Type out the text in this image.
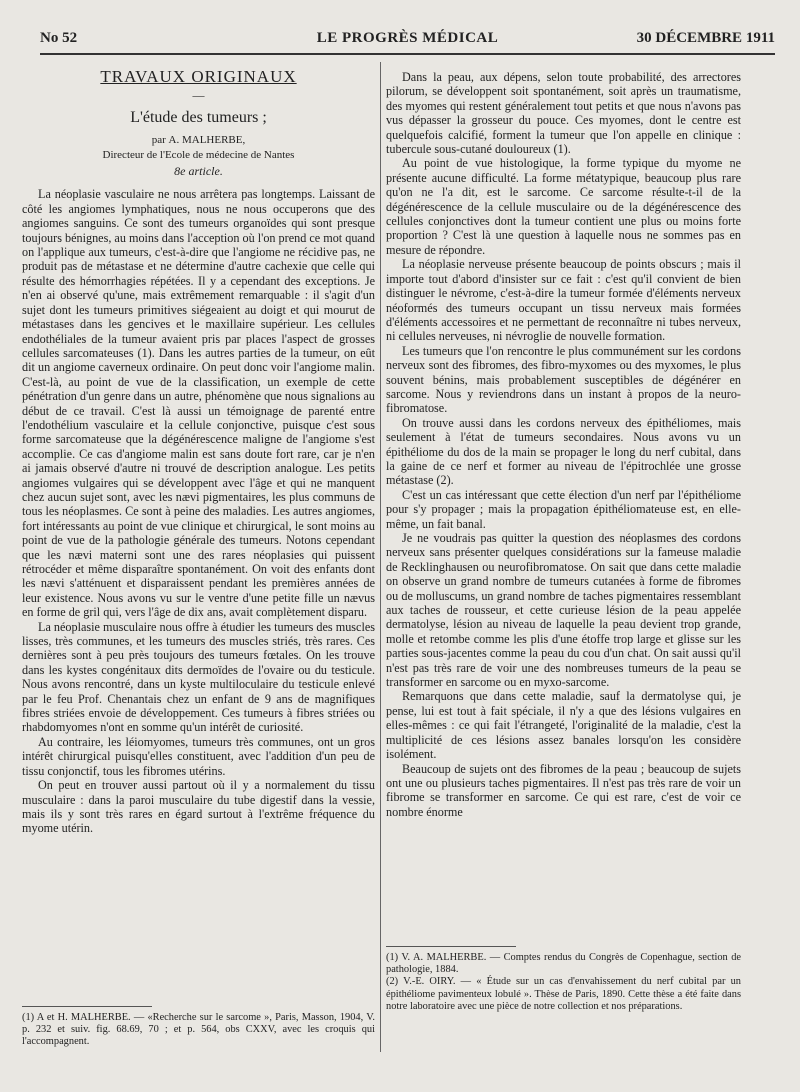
No 52	LE PROGRÈS MÉDICAL	30 DÉCEMBRE 1911
TRAVAUX ORIGINAUX
—
L'étude des tumeurs ;
par A. MALHERBE,
Directeur de l'Ecole de médecine de Nantes
8e article.

La néoplasie vasculaire ne nous arrêtera pas longtemps. Laissant de côté les angiomes lymphatiques, nous ne nous occuperons que des angiomes sanguins. Ce sont des tumeurs organoïdes qui sont presque toujours bénignes, au moins dans l'acception où l'on prend ce mot quand on l'applique aux tumeurs, c'est-à-dire que l'angiome ne récidive pas, ne produit pas de métastase et ne détermine d'autre cachexie que celle qui résulte des hémorrhagies répétées. Il y a cependant des exceptions. Je n'en ai observé qu'une, mais extrêmement remarquable : il s'agit d'un sujet dont les tumeurs primitives siégeaient au doigt et qui mourut de métastases dans les gencives et le maxillaire supérieur. Les cellules endothéliales de la tumeur avaient pris par places l'aspect de grosses cellules sarcomateuses (1). Dans les autres parties de la tumeur, on eût dit un angiome caverneux ordinaire. On peut donc voir l'angiome malin. C'est-là, au point de vue de la classification, un exemple de cette pénétration d'un genre dans un autre, phénomène que nous signalions au début de ce travail. C'est là aussi un témoignage de parenté entre l'endothélium vasculaire et la cellule conjonctive, puisque c'est sous forme sarcomateuse que la dégénérescence maligne de l'angiome s'est accomplie. Ce cas d'angiome malin est sans doute fort rare, car je n'en ai jamais observé d'autre ni trouvé de description analogue. Les petits angiomes vulgaires qui se développent avec l'âge et qui ne manquent chez aucun sujet sont, avec les nævi pigmentaires, les plus communs de tous les néoplasmes. Ce sont à peine des maladies. Les autres angiomes, fort intéressants au point de vue clinique et chirurgical, le sont moins au point de vue de la pathologie générale des tumeurs. Notons cependant que les nævi materni sont une des rares néoplasies qui puissent rétrocéder et même disparaître spontanément. On voit des enfants dont les nævi s'atténuent et disparaissent pendant les premières années de leur existence. Nous avons vu sur le ventre d'une petite fille un nævus en forme de gril qui, vers l'âge de dix ans, avait complètement disparu.

La néoplasie musculaire nous offre à étudier les tumeurs des muscles lisses, très communes, et les tumeurs des muscles striés, très rares. Ces dernières sont à peu près toujours des tumeurs fœtales. On les trouve dans les kystes congénitaux dits dermoïdes de l'ovaire ou du testicule. Nous avons rencontré, dans un kyste multiloculaire du testicule enlevé par le feu Prof. Chenantais chez un enfant de 9 ans de magnifiques fibres striées envoie de développement. Ces tumeurs à fibres striées ou rhabdomyomes n'ont en somme qu'un intérêt de curiosité.

Au contraire, les léiomyomes, tumeurs très communes, ont un gros intérêt chirurgical puisqu'elles constituent, avec l'addition d'un peu de tissu conjonctif, tous les fibromes utérins.

On peut en trouver aussi partout où il y a normalement du tissu musculaire : dans la paroi musculaire du tube digestif dans la vessie, mais ils y sont très rares en égard surtout à l'extrême fréquence du myome utérin.

(1) A et H. MALHERBE. — «Recherche sur le sarcome », Paris, Masson, 1904, V. p. 232 et suiv. fig. 68.69, 70 ; et p. 564, obs CXXV, avec les croquis qui l'accompagnent.

Dans la peau, aux dépens, selon toute probabilité, des arrectores pilorum, se développent soit spontanément, soit après un traumatisme, des myomes qui restent généralement tout petits et que nous n'avons pas vus dépasser la grosseur du pouce. Ces myomes, dont le centre est quelquefois calcifié, forment la tumeur que l'on appelle en clinique : tubercule sous-cutané douloureux (1).

Au point de vue histologique, la forme typique du myome ne présente aucune difficulté. La forme métatypique, beaucoup plus rare qu'on ne l'a dit, est le sarcome. Ce sarcome résulte-t-il de la dégénérescence de la cellule musculaire ou de la dégénérescence des cellules conjonctives dont la tumeur contient une plus ou moins forte proportion ? C'est là une question à laquelle nous ne sommes pas en mesure de répondre.

La néoplasie nerveuse présente beaucoup de points obscurs ; mais il importe tout d'abord d'insister sur ce fait : c'est qu'il convient de bien distinguer le névrome, c'est-à-dire la tumeur formée d'éléments nerveux néoformés des tumeurs occupant un tissu nerveux mais formées d'éléments accessoires et ne permettant de reconnaître ni tubes nerveux, ni cellules nerveuses, ni névroglie de nouvelle formation.

Les tumeurs que l'on rencontre le plus communément sur les cordons nerveux sont des fibromes, des fibro-myxomes ou des myxomes, le plus souvent bénins, mais probablement susceptibles de dégénérer en sarcome. Nous y reviendrons dans un instant à propos de la neuro-fibromatose.

On trouve aussi dans les cordons nerveux des épithéliomes, mais seulement à l'état de tumeurs secondaires. Nous avons vu un épithéliome du dos de la main se propager le long du nerf cubital, dans la gaine de ce nerf et former au niveau de l'épitrochlée une grosse métastase (2).

C'est un cas intéressant que cette élection d'un nerf par l'épithéliome pour s'y propager ; mais la propagation épithéliomateuse est, en elle-même, un fait banal.

Je ne voudrais pas quitter la question des néoplasmes des cordons nerveux sans présenter quelques considérations sur la fameuse maladie de Recklinghausen ou neurofibromatose. On sait que dans cette maladie on observe un grand nombre de tumeurs cutanées à forme de fibromes ou de molluscums, un grand nombre de taches pigmentaires ressemblant aux taches de rousseur, et cette curieuse lésion de la peau appelée dermatolyse, lésion au niveau de laquelle la peau devient trop grande, molle et retombe comme les plis d'une étoffe trop large et glisse sur les parties sous-jacentes comme la peau du cou d'un chat. On sait aussi qu'il n'est pas très rare de voir une des nombreuses tumeurs de la peau se transformer en sarcome ou en myxo-sarcome.

Remarquons que dans cette maladie, sauf la dermatolyse qui, je pense, lui est tout à fait spéciale, il n'y a que des lésions vulgaires en elles-mêmes : ce qui fait l'étrangeté, l'originalité de la maladie, c'est la multiplicité de ces lésions assez banales lorsqu'on les considère isolément.

Beaucoup de sujets ont des fibromes de la peau ; beaucoup de sujets ont une ou plusieurs taches pigmentaires. Il n'est pas très rare de voir un fibrome se transformer en sarcome. Ce qui est rare, c'est de voir ce nombre énorme

(1) V. A. MALHERBE. — Comptes rendus du Congrès de Copenhague, section de pathologie, 1884.

(2) V.-E. OIRY. — « Étude sur un cas d'envahissement du nerf cubital par un épithéliome pavimenteux lobulé ». Thèse de Paris, 1890. Cette thèse a été faite dans notre laboratoire avec une pièce de notre collection et nos préparations.
